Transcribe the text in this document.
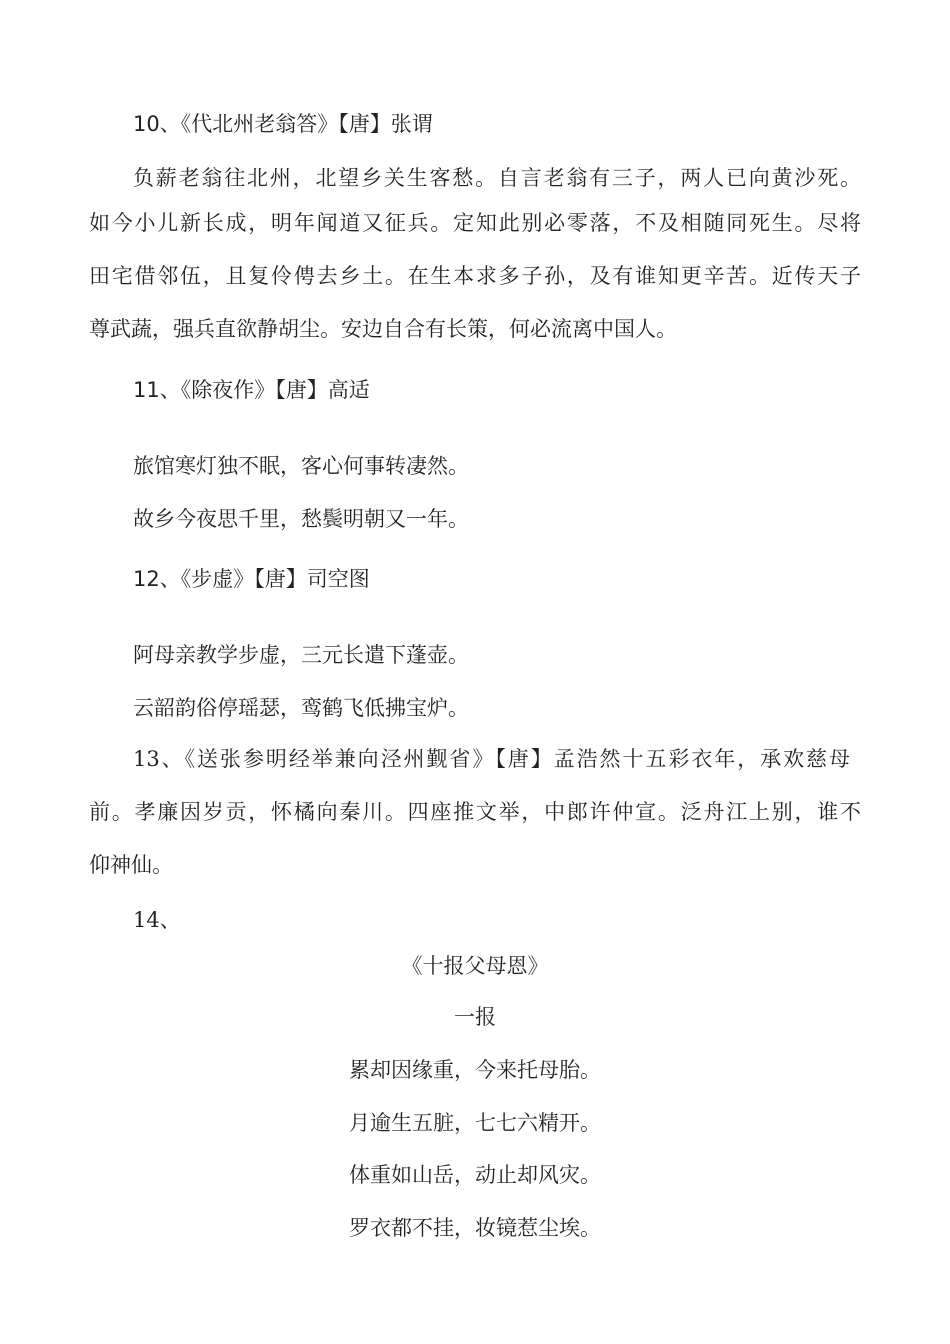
10、《代北州老翁答》【唐】张谓

负薪老翁往北州，北望乡关生客愁。自言老翁有三子，两人已向黄沙死。

如今小儿新长成，明年闻道又征兵。定知此别必零落，不及相随同死生。尽将

田宅借邻伍，且复伶俜去乡土。在生本求多子孙，及有谁知更辛苦。近传天子

尊武蔬，强兵直欲静胡尘。安边自合有长策，何必流离中国人。

11、《除夜作》【唐】高适

旅馆寒灯独不眠，客心何事转凄然。

故乡今夜思千里，愁鬓明朝又一年。

12、《步虚》【唐】司空图

阿母亲教学步虚，三元长遣下蓬壶。

云韶韵俗停瑶瑟，鸾鹤飞低拂宝炉。

13、《送张参明经举兼向泾州觐省》【唐】孟浩然十五彩衣年，承欢慈母

前。孝廉因岁贡，怀橘向秦川。四座推文举，中郎许仲宣。泛舟江上别，谁不

仰神仙。

14、

《十报父母恩》

一报

累却因缘重，今来托母胎。

月逾生五脏，七七六精开。

体重如山岳，动止却风灾。

罗衣都不挂，妆镜惹尘埃。
